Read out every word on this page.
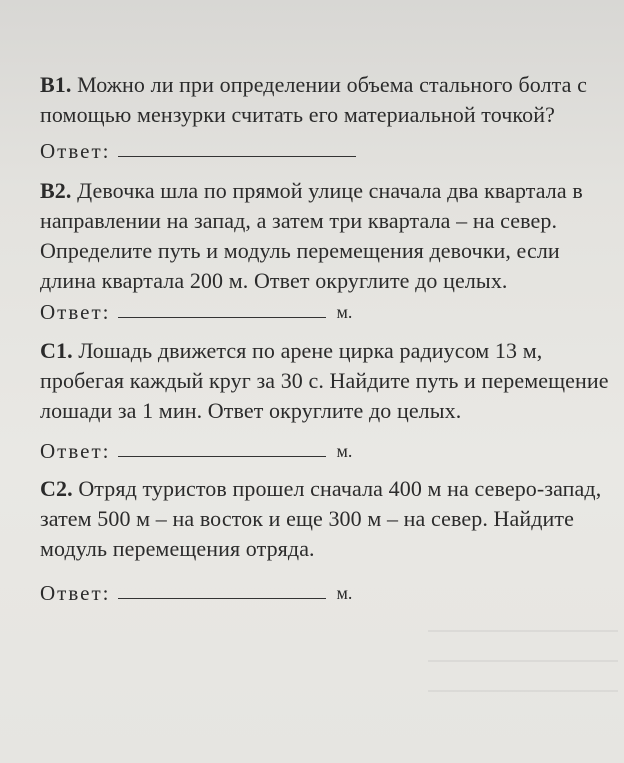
В1. Можно ли при определении объема стального болта с помощью мензурки считать его материальной точкой?
Ответ:
В2. Девочка шла по прямой улице сначала два квартала в направлении на запад, а затем три квартала – на север. Определите путь и модуль перемещения девочки, если длина квартала 200 м. Ответ округлите до целых.
Ответ:	м.
С1. Лошадь движется по арене цирка радиусом 13 м, пробегая каждый круг за 30 с. Найдите путь и перемещение лошади за 1 мин. Ответ округлите до целых.
Ответ:	м.
С2. Отряд туристов прошел сначала 400 м на северо-запад, затем 500 м – на восток и еще 300 м – на север. Найдите модуль перемещения отряда.
Ответ:	м.
